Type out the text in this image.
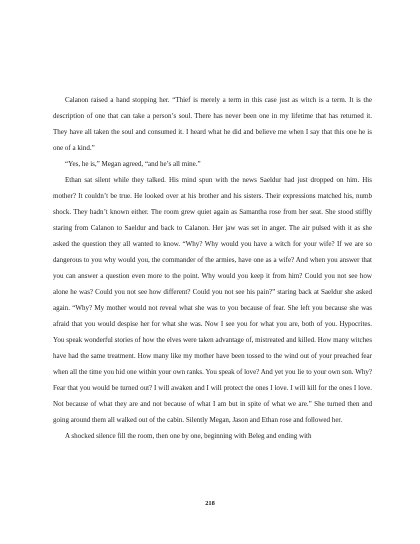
Calanon raised a hand stopping her. “Thief is merely a term in this case just as witch is a term. It is the description of one that can take a person’s soul. There has never been one in my lifetime that has returned it. They have all taken the soul and consumed it. I heard what he did and believe me when I say that this one he is one of a kind.”

“Yes, he is,” Megan agreed, “and he’s all mine.”

Ethan sat silent while they talked. His mind spun with the news Saeldur had just dropped on him. His mother? It couldn’t be true. He looked over at his brother and his sisters. Their expressions matched his, numb shock. They hadn’t known either. The room grew quiet again as Samantha rose from her seat. She stood stiffly staring from Calanon to Saeldur and back to Calanon. Her jaw was set in anger. The air pulsed with it as she asked the question they all wanted to know. “Why? Why would you have a witch for your wife? If we are so dangerous to you why would you, the commander of the armies, have one as a wife? And when you answer that you can answer a question even more to the point. Why would you keep it from him? Could you not see how alone he was? Could you not see how different? Could you not see his pain?” staring back at Saeldur she asked again. “Why? My mother would not reveal what she was to you because of fear. She left you because she was afraid that you would despise her for what she was. Now I see you for what you are, both of you. Hypocrites. You speak wonderful stories of how the elves were taken advantage of, mistreated and killed. How many witches have had the same treatment. How many like my mother have been tossed to the wind out of your preached fear when all the time you hid one within your own ranks. You speak of love? And yet you lie to your own son. Why? Fear that you would be turned out? I will awaken and I will protect the ones I love. I will kill for the ones I love. Not because of what they are and not because of what I am but in spite of what we are.” She turned then and going around them all walked out of the cabin. Silently Megan, Jason and Ethan rose and followed her.

A shocked silence fill the room, then one by one, beginning with Beleg and ending with

218
